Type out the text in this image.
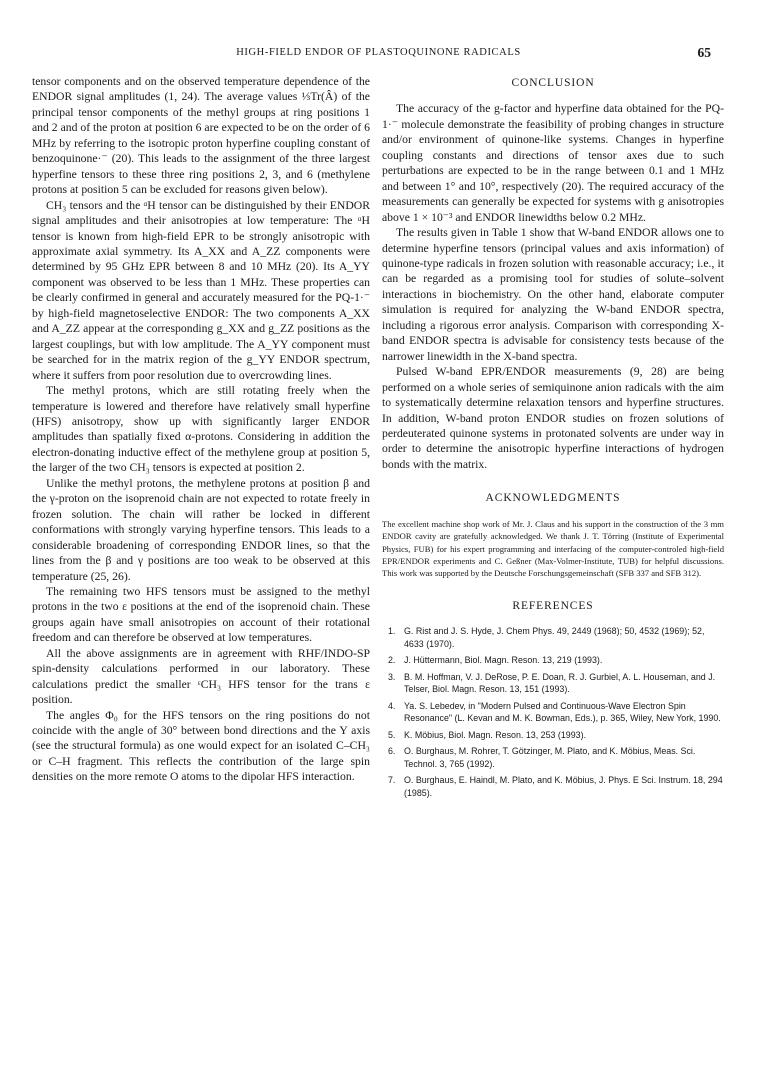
HIGH-FIELD ENDOR OF PLASTOQUINONE RADICALS	65

tensor components and on the observed temperature dependence of the ENDOR signal amplitudes (1, 24). The average values ⅓Tr(Â) of the principal tensor components of the methyl groups at ring positions 1 and 2 and of the proton at position 6 are expected to be on the order of 6 MHz by referring to the isotropic proton hyperfine coupling constant of benzoquinone·⁻ (20). This leads to the assignment of the three largest hyperfine tensors to these three ring positions 2, 3, and 6 (methylene protons at position 5 can be excluded for reasons given below).

CH₃ tensors and the ᵅH tensor can be distinguished by their ENDOR signal amplitudes and their anisotropies at low temperature: The ᵅH tensor is known from high-field EPR to be strongly anisotropic with approximate axial symmetry. Its A_XX and A_ZZ components were determined by 95 GHz EPR between 8 and 10 MHz (20). Its A_YY component was observed to be less than 1 MHz. These properties can be clearly confirmed in general and accurately measured for the PQ-1·⁻ by high-field magnetoselective ENDOR: The two components A_XX and A_ZZ appear at the corresponding g_XX and g_ZZ positions as the largest couplings, but with low amplitude. The A_YY component must be searched for in the matrix region of the g_YY ENDOR spectrum, where it suffers from poor resolution due to overcrowding lines.

The methyl protons, which are still rotating freely when the temperature is lowered and therefore have relatively small hyperfine (HFS) anisotropy, show up with significantly larger ENDOR amplitudes than spatially fixed α-protons. Considering in addition the electron-donating inductive effect of the methylene group at position 5, the larger of the two CH₃ tensors is expected at position 2.

Unlike the methyl protons, the methylene protons at position β and the γ-proton on the isoprenoid chain are not expected to rotate freely in frozen solution. The chain will rather be locked in different conformations with strongly varying hyperfine tensors. This leads to a considerable broadening of corresponding ENDOR lines, so that the lines from the β and γ positions are too weak to be observed at this temperature (25, 26).

The remaining two HFS tensors must be assigned to the methyl protons in the two ε positions at the end of the isoprenoid chain. These groups again have small anisotropies on account of their rotational freedom and can therefore be observed at low temperatures.

All the above assignments are in agreement with RHF/INDO-SP spin-density calculations performed in our laboratory. These calculations predict the smaller ᵋCH₃ HFS tensor for the trans ε position.

The angles Φ₀ for the HFS tensors on the ring positions do not coincide with the angle of 30° between bond directions and the Y axis (see the structural formula) as one would expect for an isolated C–CH₃ or C–H fragment. This reflects the contribution of the large spin densities on the more remote O atoms to the dipolar HFS interaction.

CONCLUSION

The accuracy of the g-factor and hyperfine data obtained for the PQ-1·⁻ molecule demonstrate the feasibility of probing changes in structure and/or environment of quinone-like systems. Changes in hyperfine coupling constants and directions of tensor axes due to such perturbations are expected to be in the range between 0.1 and 1 MHz and between 1° and 10°, respectively (20). The required accuracy of the measurements can generally be expected for systems with g anisotropies above 1 × 10⁻³ and ENDOR linewidths below 0.2 MHz.

The results given in Table 1 show that W-band ENDOR allows one to determine hyperfine tensors (principal values and axis information) of quinone-type radicals in frozen solution with reasonable accuracy; i.e., it can be regarded as a promising tool for studies of solute–solvent interactions in biochemistry. On the other hand, elaborate computer simulation is required for analyzing the W-band ENDOR spectra, including a rigorous error analysis. Comparison with corresponding X-band ENDOR spectra is advisable for consistency tests because of the narrower linewidth in the X-band spectra.

Pulsed W-band EPR/ENDOR measurements (9, 28) are being performed on a whole series of semiquinone anion radicals with the aim to systematically determine relaxation tensors and hyperfine structures. In addition, W-band proton ENDOR studies on frozen solutions of perdeuterated quinone systems in protonated solvents are under way in order to determine the anisotropic hyperfine interactions of hydrogen bonds with the matrix.

ACKNOWLEDGMENTS

The excellent machine shop work of Mr. J. Claus and his support in the construction of the 3 mm ENDOR cavity are gratefully acknowledged. We thank J. T. Törring (Institute of Experimental Physics, FUB) for his expert programming and interfacing of the computer-controled high-field EPR/ENDOR experiments and C. Geßner (Max-Volmer-Institute, TUB) for helpful discussions. This work was supported by the Deutsche Forschungsgemeinschaft (SFB 337 and SFB 312).

REFERENCES
1. G. Rist and J. S. Hyde, J. Chem Phys. 49, 2449 (1968); 50, 4532 (1969); 52, 4633 (1970).
2. J. Hüttermann, Biol. Magn. Reson. 13, 219 (1993).
3. B. M. Hoffman, V. J. DeRose, P. E. Doan, R. J. Gurbiel, A. L. Houseman, and J. Telser, Biol. Magn. Reson. 13, 151 (1993).
4. Ya. S. Lebedev, in "Modern Pulsed and Continuous-Wave Electron Spin Resonance" (L. Kevan and M. K. Bowman, Eds.), p. 365, Wiley, New York, 1990.
5. K. Möbius, Biol. Magn. Reson. 13, 253 (1993).
6. O. Burghaus, M. Rohrer, T. Götzinger, M. Plato, and K. Möbius, Meas. Sci. Technol. 3, 765 (1992).
7. O. Burghaus, E. Haindl, M. Plato, and K. Möbius, J. Phys. E Sci. Instrum. 18, 294 (1985).
